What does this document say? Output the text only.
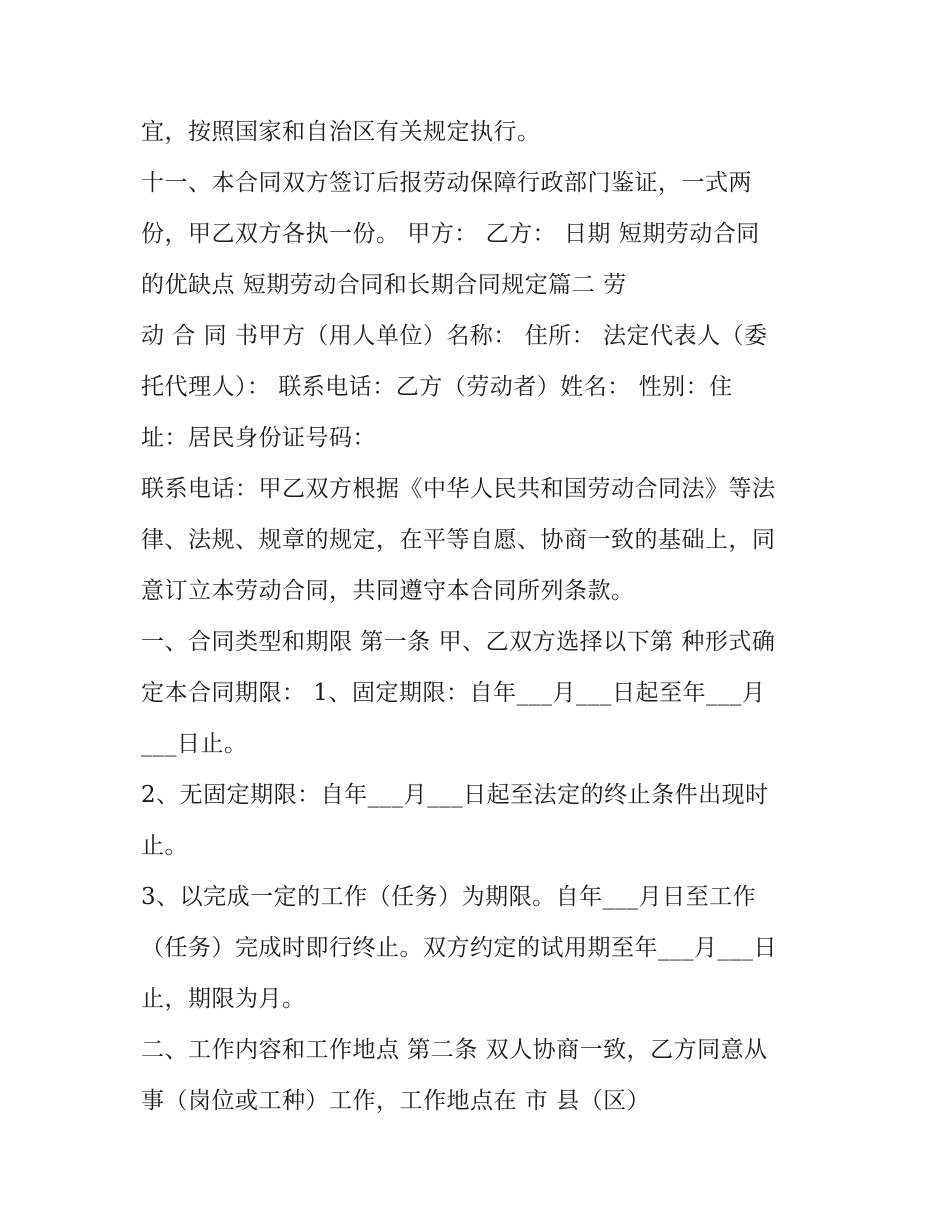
宜，按照国家和自治区有关规定执行。
十一、本合同双方签订后报劳动保障行政部门鉴证，一式两
份，甲乙双方各执一份。 甲方： 乙方： 日期 短期劳动合同
的优缺点 短期劳动合同和长期合同规定篇二 劳
动 合 同 书甲方（用人单位）名称： 住所： 法定代表人（委
托代理人）： 联系电话：乙方（劳动者）姓名： 性别：住
址：居民身份证号码：
联系电话：甲乙双方根据《中华人民共和国劳动合同法》等法
律、法规、规章的规定，在平等自愿、协商一致的基础上，同
意订立本劳动合同，共同遵守本合同所列条款。
一、合同类型和期限 第一条 甲、乙双方选择以下第 种形式确
定本合同期限： 1、固定期限：自年___月___日起至年___月
___日止。
2、无固定期限：自年___月___日起至法定的终止条件出现时
止。
3、以完成一定的工作（任务）为期限。自年___月日至工作
（任务）完成时即行终止。双方约定的试用期至年___月___日
止，期限为月。
二、工作内容和工作地点 第二条 双人协商一致，乙方同意从
事（岗位或工种）工作，工作地点在 市 县（区）
